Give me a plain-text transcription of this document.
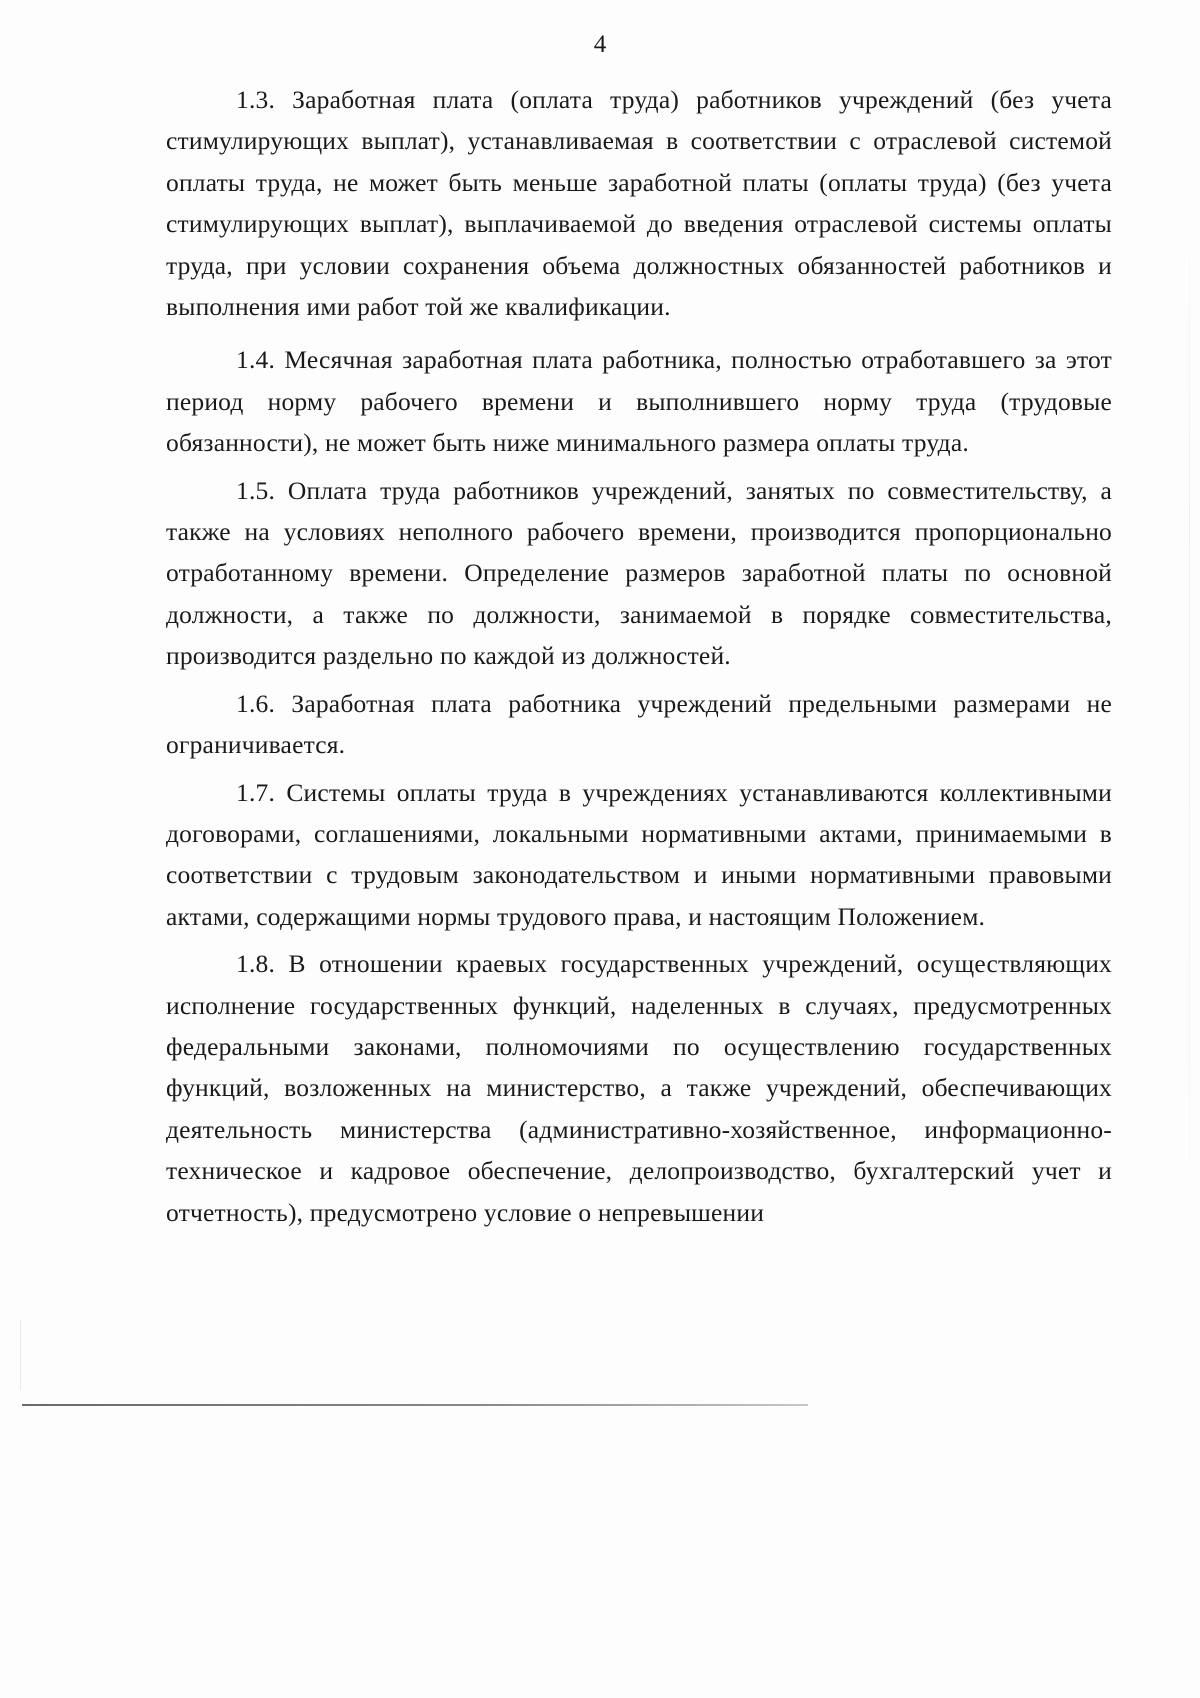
4

1.3. Заработная плата (оплата труда) работников учреждений (без учета стимулирующих выплат), устанавливаемая в соответствии с отраслевой системой оплаты труда, не может быть меньше заработной платы (оплаты труда) (без учета стимулирующих выплат), выплачиваемой до введения отраслевой системы оплаты труда, при условии сохранения объема должностных обязанностей работников и выполнения ими работ той же квалификации.

1.4. Месячная заработная плата работника, полностью отработавшего за этот период норму рабочего времени и выполнившего норму труда (трудовые обязанности), не может быть ниже минимального размера оплаты труда.

1.5. Оплата труда работников учреждений, занятых по совместительству, а также на условиях неполного рабочего времени, производится пропорционально отработанному времени. Определение размеров заработной платы по основной должности, а также по должности, занимаемой в порядке совместительства, производится раздельно по каждой из должностей.

1.6. Заработная плата работника учреждений предельными размерами не ограничивается.

1.7. Системы оплаты труда в учреждениях устанавливаются коллективными договорами, соглашениями, локальными нормативными актами, принимаемыми в соответствии с трудовым законодательством и иными нормативными правовыми актами, содержащими нормы трудового права, и настоящим Положением.

1.8. В отношении краевых государственных учреждений, осуществляющих исполнение государственных функций, наделенных в случаях, предусмотренных федеральными законами, полномочиями по осуществлению государственных функций, возложенных на министерство, а также учреждений, обеспечивающих деятельность министерства (административно-хозяйственное, информационно-техническое и кадровое обеспечение, делопроизводство, бухгалтерский учет и отчетность), предусмотрено условие о непревышении
